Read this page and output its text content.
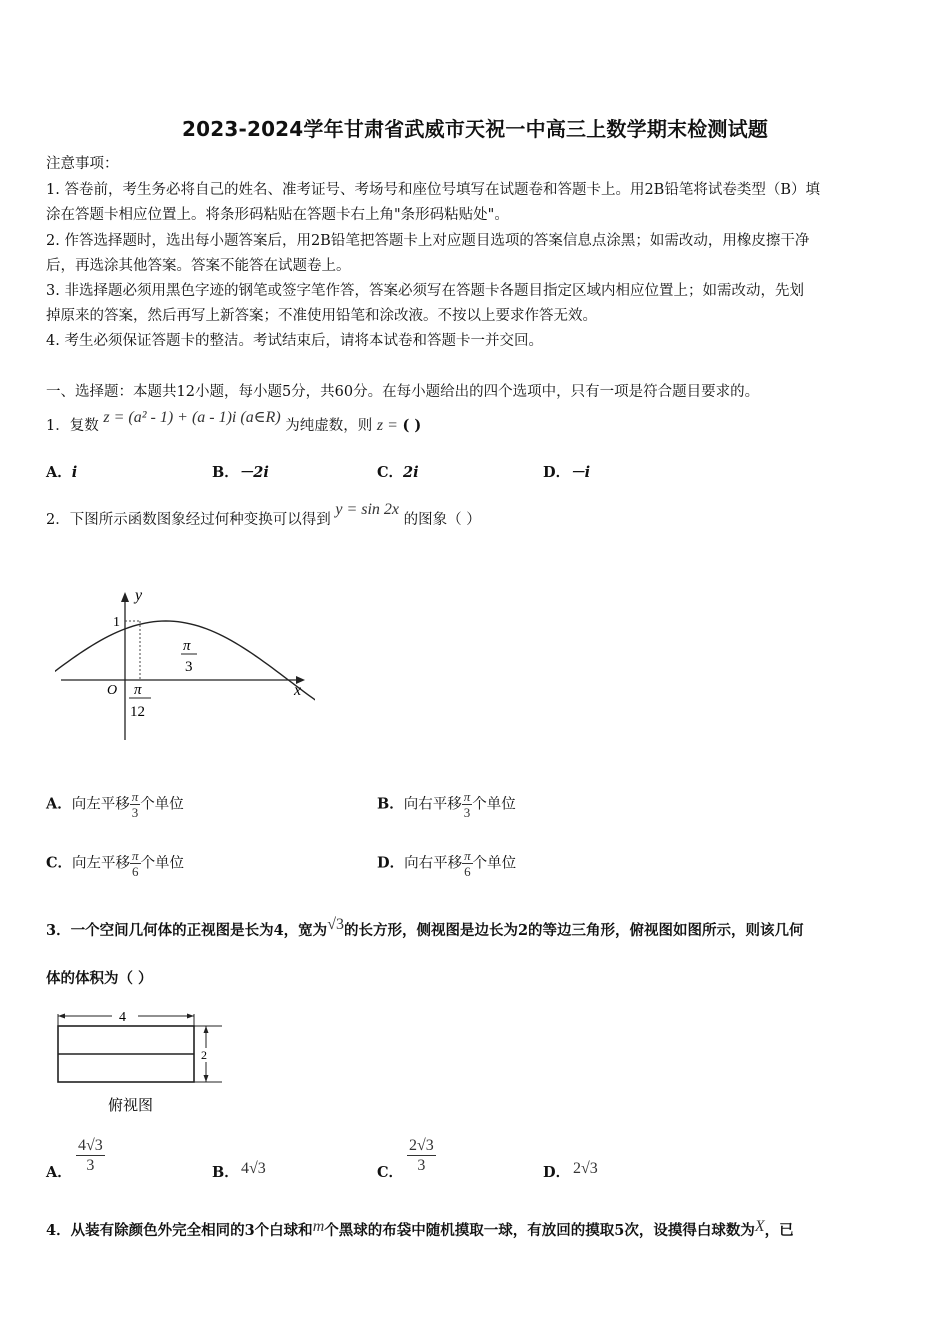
2023-2024学年甘肃省武威市天祝一中高三上数学期末检测试题
注意事项：
1. 答卷前，考生务必将自己的姓名、准考证号、考场号和座位号填写在试题卷和答题卡上。用2B铅笔将试卷类型（B）填
涂在答题卡相应位置上。将条形码粘贴在答题卡右上角"条形码粘贴处"。
2. 作答选择题时，选出每小题答案后，用2B铅笔把答题卡上对应题目选项的答案信息点涂黑；如需改动，用橡皮擦干净
后，再选涂其他答案。答案不能答在试题卷上。
3. 非选择题必须用黑色字迹的钢笔或签字笔作答，答案必须写在答题卡各题目指定区域内相应位置上；如需改动，先划
掉原来的答案，然后再写上新答案；不准使用铅笔和涂改液。不按以上要求作答无效。
4. 考生必须保证答题卡的整洁。考试结束后，请将本试卷和答题卡一并交回。
一、选择题：本题共12小题，每小题5分，共60分。在每小题给出的四个选项中，只有一项是符合题目要求的。
1．复数 z = (a² - 1) + (a - 1)i (a∈R) 为纯虚数，则 z = ( )
A．i	B．－2i	C．2i	D．－i
2．下图所示函数图象经过何种变换可以得到 y = sin 2x 的图象（ ）
y
x
O
1
π
3
π
12
A．向左平移 $\frac{\pi}{3}$ 个单位	B．向右平移 $\frac{\pi}{3}$ 个单位
C．向左平移 $\frac{\pi}{6}$ 个单位	D．向右平移 $\frac{\pi}{6}$ 个单位
3．一个空间几何体的正视图是长为4，宽为√3的长方形，侧视图是边长为2的等边三角形，俯视图如图所示，则该几何
体的体积为（ ）
4
2
俯视图
A． $\frac{4√3}{3}$	B． 4√3	C． $\frac{2√3}{3}$	D． 2√3
4．从装有除颜色外完全相同的3个白球和m个黑球的布袋中随机摸取一球，有放回的摸取5次，设摸得白球数为X，已
